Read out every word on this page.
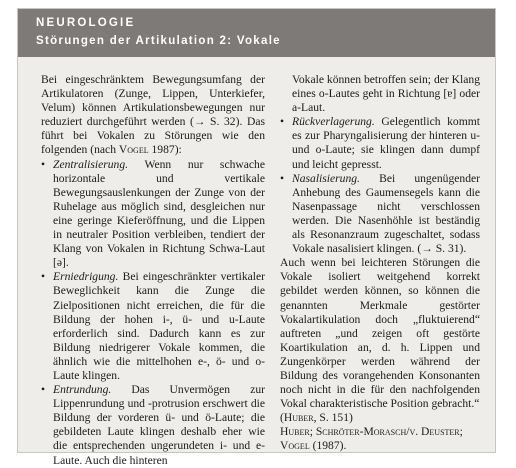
NEUROLOGIE
Störungen der Artikulation 2: Vokale

Bei eingeschränktem Bewegungsumfang der Artikulatoren (Zunge, Lippen, Unterkiefer, Velum) können Artikulationsbewegungen nur reduziert durchgeführt werden (→ S. 32). Das führt bei Vokalen zu Störungen wie den folgenden (nach Vogel 1987):

• Zentralisierung. Wenn nur schwache horizontale und vertikale Bewegungsauslenkungen der Zunge von der Ruhelage aus möglich sind, desgleichen nur eine geringe Kieferöffnung, und die Lippen in neutraler Position verbleiben, tendiert der Klang von Vokalen in Richtung Schwa-Laut [ə].
• Erniedrigung. Bei eingeschränkter vertikaler Beweglichkeit kann die Zunge die Zielpositionen nicht erreichen, die für die Bildung der hohen i-, ü- und u-Laute erforderlich sind. Dadurch kann es zur Bildung niedrigerer Vokale kommen, die ähnlich wie die mittelhohen e-, ö- und o-Laute klingen.
• Entrundung. Das Unvermögen zur Lippenrundung und -protrusion erschwert die Bildung der vorderen ü- und ö-Laute; die gebildeten Laute klingen deshalb eher wie die entsprechenden ungerundeten i- und e-Laute. Auch die hinteren

Vokale können betroffen sein; der Klang eines o-Lautes geht in Richtung [ɐ] oder a-Laut.

• Rückverlagerung. Gelegentlich kommt es zur Pharyngalisierung der hinteren u- und o-Laute; sie klingen dann dumpf und leicht gepresst.
• Nasalisierung. Bei ungenügender Anhebung des Gaumensegels kann die Nasenpassage nicht verschlossen werden. Die Nasenhöhle ist beständig als Resonanzraum zugeschaltet, sodass Vokale nasalisiert klingen. (→ S. 31).

Auch wenn bei leichteren Störungen die Vokale isoliert weitgehend korrekt gebildet werden können, so können die genannten Merkmale gestörter Vokalartikulation doch „fluktuierend“ auftreten „und zeigen oft gestörte Koartikulation an, d. h. Lippen und Zungenkörper werden während der Bildung des vorangehenden Konsonanten noch nicht in die für den nachfolgenden Vokal charakteristische Position gebracht.“

(Huber, S. 151)

Huber; Schröter-Morasch/v. Deuster; Vogel (1987).
